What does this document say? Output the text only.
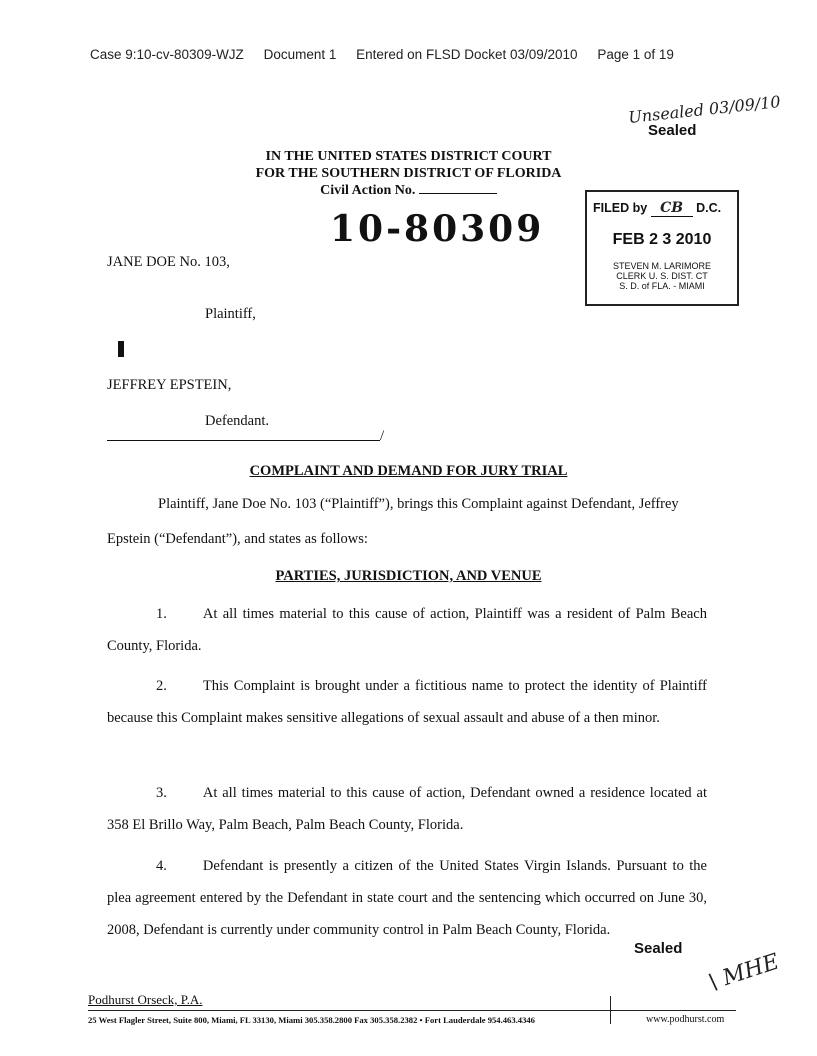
Case 9:10-cv-80309-WJZ Document 1 Entered on FLSD Docket 03/09/2010 Page 1 of 19
Unsealed 03/09/10
Sealed
IN THE UNITED STATES DISTRICT COURT
FOR THE SOUTHERN DISTRICT OF FLORIDA
Civil Action No.
10-80309	FILED by CB D.C.
FEB 2 3 2010
STEVEN M. LARIMORE
CLERK U. S. DIST. CT
S. D. of FLA. - MIAMI
JANE DOE No. 103,
Plaintiff,
JEFFREY EPSTEIN,
Defendant.
/
COMPLAINT AND DEMAND FOR JURY TRIAL
Plaintiff, Jane Doe No. 103 (“Plaintiff”), brings this Complaint against Defendant, Jeffrey
Epstein (“Defendant”), and states as follows:
PARTIES, JURISDICTION, AND VENUE
1. At all times material to this cause of action, Plaintiff was a resident of Palm Beach County, Florida.
2. This Complaint is brought under a fictitious name to protect the identity of Plaintiff because this Complaint makes sensitive allegations of sexual assault and abuse of a then minor.
3. At all times material to this cause of action, Defendant owned a residence located at 358 El Brillo Way, Palm Beach, Palm Beach County, Florida.
4. Defendant is presently a citizen of the United States Virgin Islands. Pursuant to the plea agreement entered by the Defendant in state court and the sentencing which occurred on June 30, 2008, Defendant is currently under community control in Palm Beach County, Florida.
Sealed
\ MHE
Podhurst Orseck, P.A.
25 West Flagler Street, Suite 800, Miami, FL 33130, Miami 305.358.2800 Fax 305.358.2382 • Fort Lauderdale 954.463.4346	www.podhurst.com
